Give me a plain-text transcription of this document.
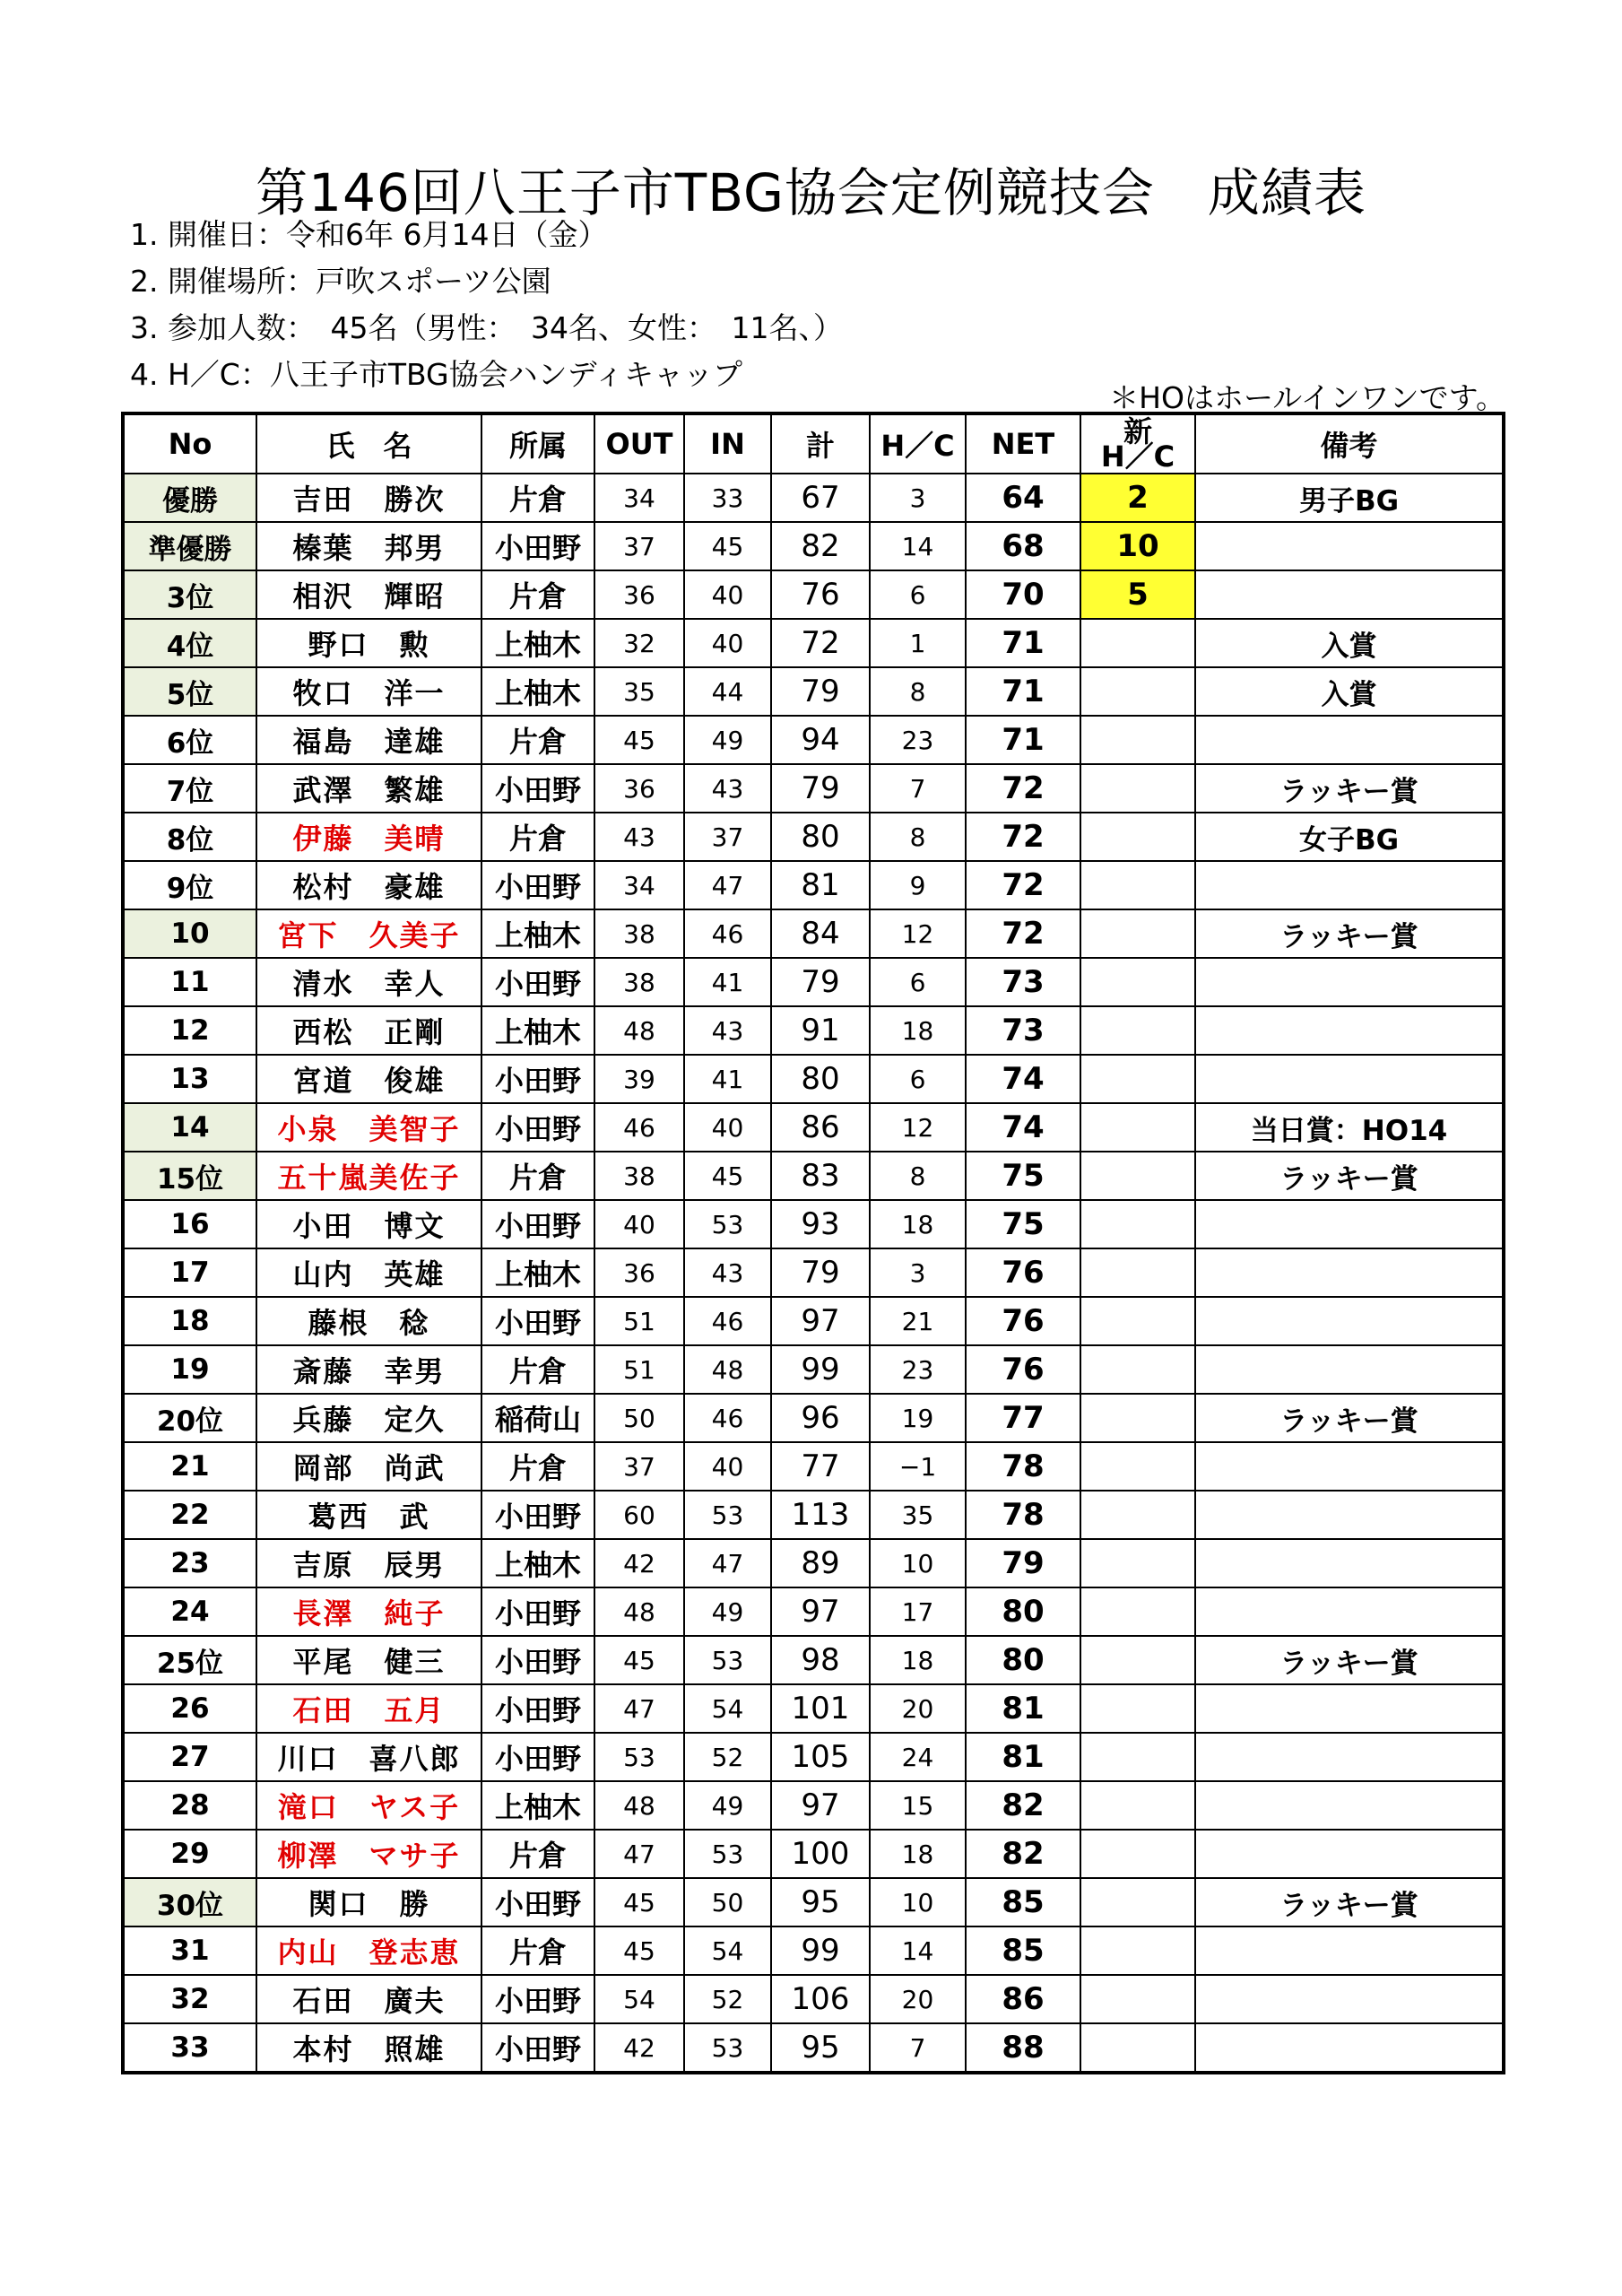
第146回八王子市TBG協会定例競技会　成績表
1. 開催日：令和6年 6月14日（金）
2. 開催場所：戸吹スポーツ公園
3. 参加人数：　45名（男性：　34名、女性：　11名、）
4. H／C：八王子市TBG協会ハンディキャップ
＊HOはホールインワンです。
No	氏　名	所属	OUT	IN	計	H／C	NET	新
H／C	備考
優勝	吉田　勝次	片倉	34	33	67	3	64	2	男子BG
準優勝	榛葉　邦男	小田野	37	45	82	14	68	10	
3位	相沢　輝昭	片倉	36	40	76	6	70	5	
4位	野口　勲	上柚木	32	40	72	1	71		入賞
5位	牧口　洋一	上柚木	35	44	79	8	71		入賞
6位	福島　達雄	片倉	45	49	94	23	71		
7位	武澤　繁雄	小田野	36	43	79	7	72		ラッキー賞
8位	伊藤　美晴	片倉	43	37	80	8	72		女子BG
9位	松村　豪雄	小田野	34	47	81	9	72		
10	宮下　久美子	上柚木	38	46	84	12	72		ラッキー賞
11	清水　幸人	小田野	38	41	79	6	73		
12	西松　正剛	上柚木	48	43	91	18	73		
13	宮道　俊雄	小田野	39	41	80	6	74		
14	小泉　美智子	小田野	46	40	86	12	74		当日賞：HO14
15位	五十嵐美佐子	片倉	38	45	83	8	75		ラッキー賞
16	小田　博文	小田野	40	53	93	18	75		
17	山内　英雄	上柚木	36	43	79	3	76		
18	藤根　稔	小田野	51	46	97	21	76		
19	斎藤　幸男	片倉	51	48	99	23	76		
20位	兵藤　定久	稲荷山	50	46	96	19	77		ラッキー賞
21	岡部　尚武	片倉	37	40	77	−1	78		
22	葛西　武	小田野	60	53	113	35	78		
23	吉原　辰男	上柚木	42	47	89	10	79		
24	長澤　純子	小田野	48	49	97	17	80		
25位	平尾　健三	小田野	45	53	98	18	80		ラッキー賞
26	石田　五月	小田野	47	54	101	20	81		
27	川口　喜八郎	小田野	53	52	105	24	81		
28	滝口　ヤス子	上柚木	48	49	97	15	82		
29	柳澤　マサ子	片倉	47	53	100	18	82		
30位	関口　勝	小田野	45	50	95	10	85		ラッキー賞
31	内山　登志恵	片倉	45	54	99	14	85		
32	石田　廣夫	小田野	54	52	106	20	86		
33	本村　照雄	小田野	42	53	95	7	88		
